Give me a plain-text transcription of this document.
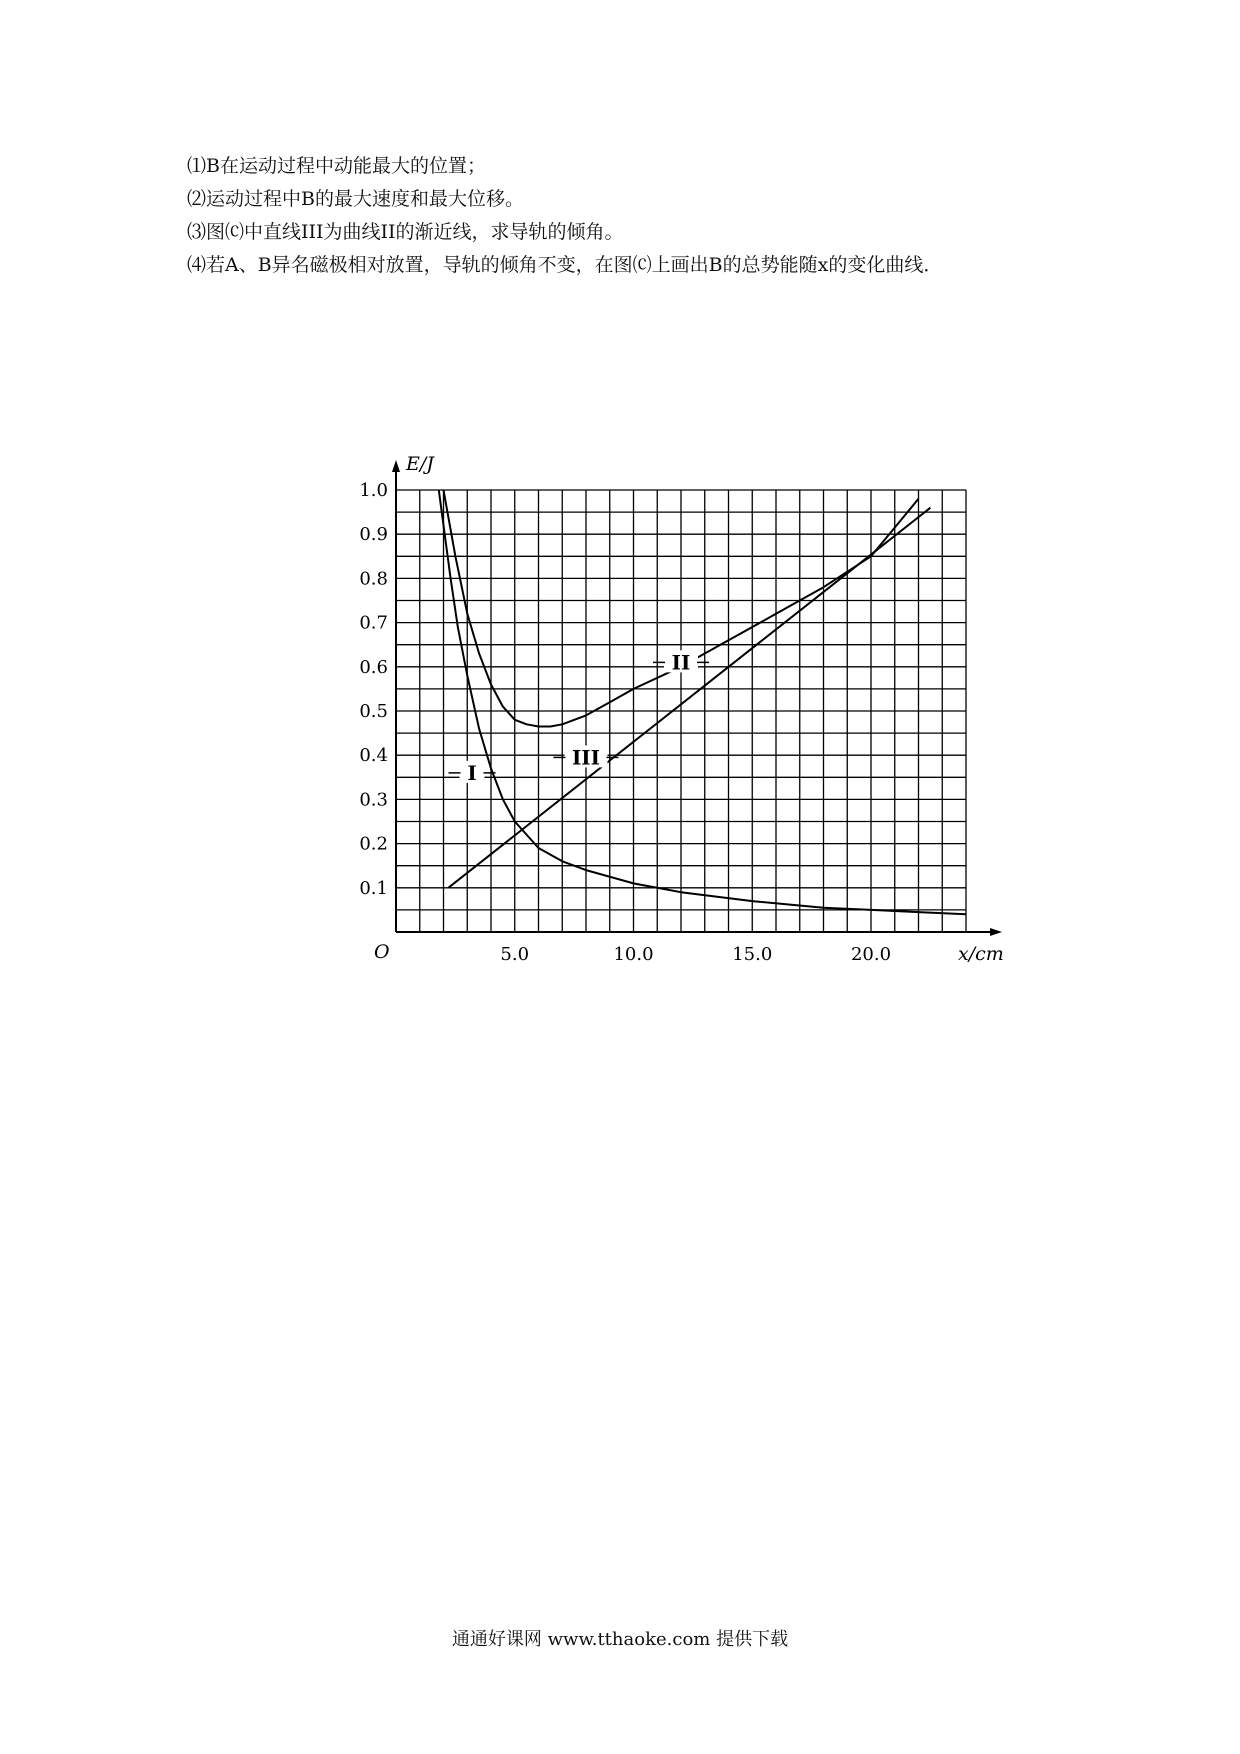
⑴B在运动过程中动能最大的位置；
⑵运动过程中B的最大速度和最大位移。
⑶图⒞中直线III为曲线II的渐近线，求导轨的倾角。
⑷若A、B异名磁极相对放置，导轨的倾角不变，在图⒞上画出B的总势能随x的变化曲线．
0.1
0.2
0.3
0.4
0.5
0.6
0.7
0.8
0.9
1.0
5.0	10.0	15.0	20.0
I
II
III
E/J
x/cm
O
通通好课网 www.tthaoke.com 提供下载
